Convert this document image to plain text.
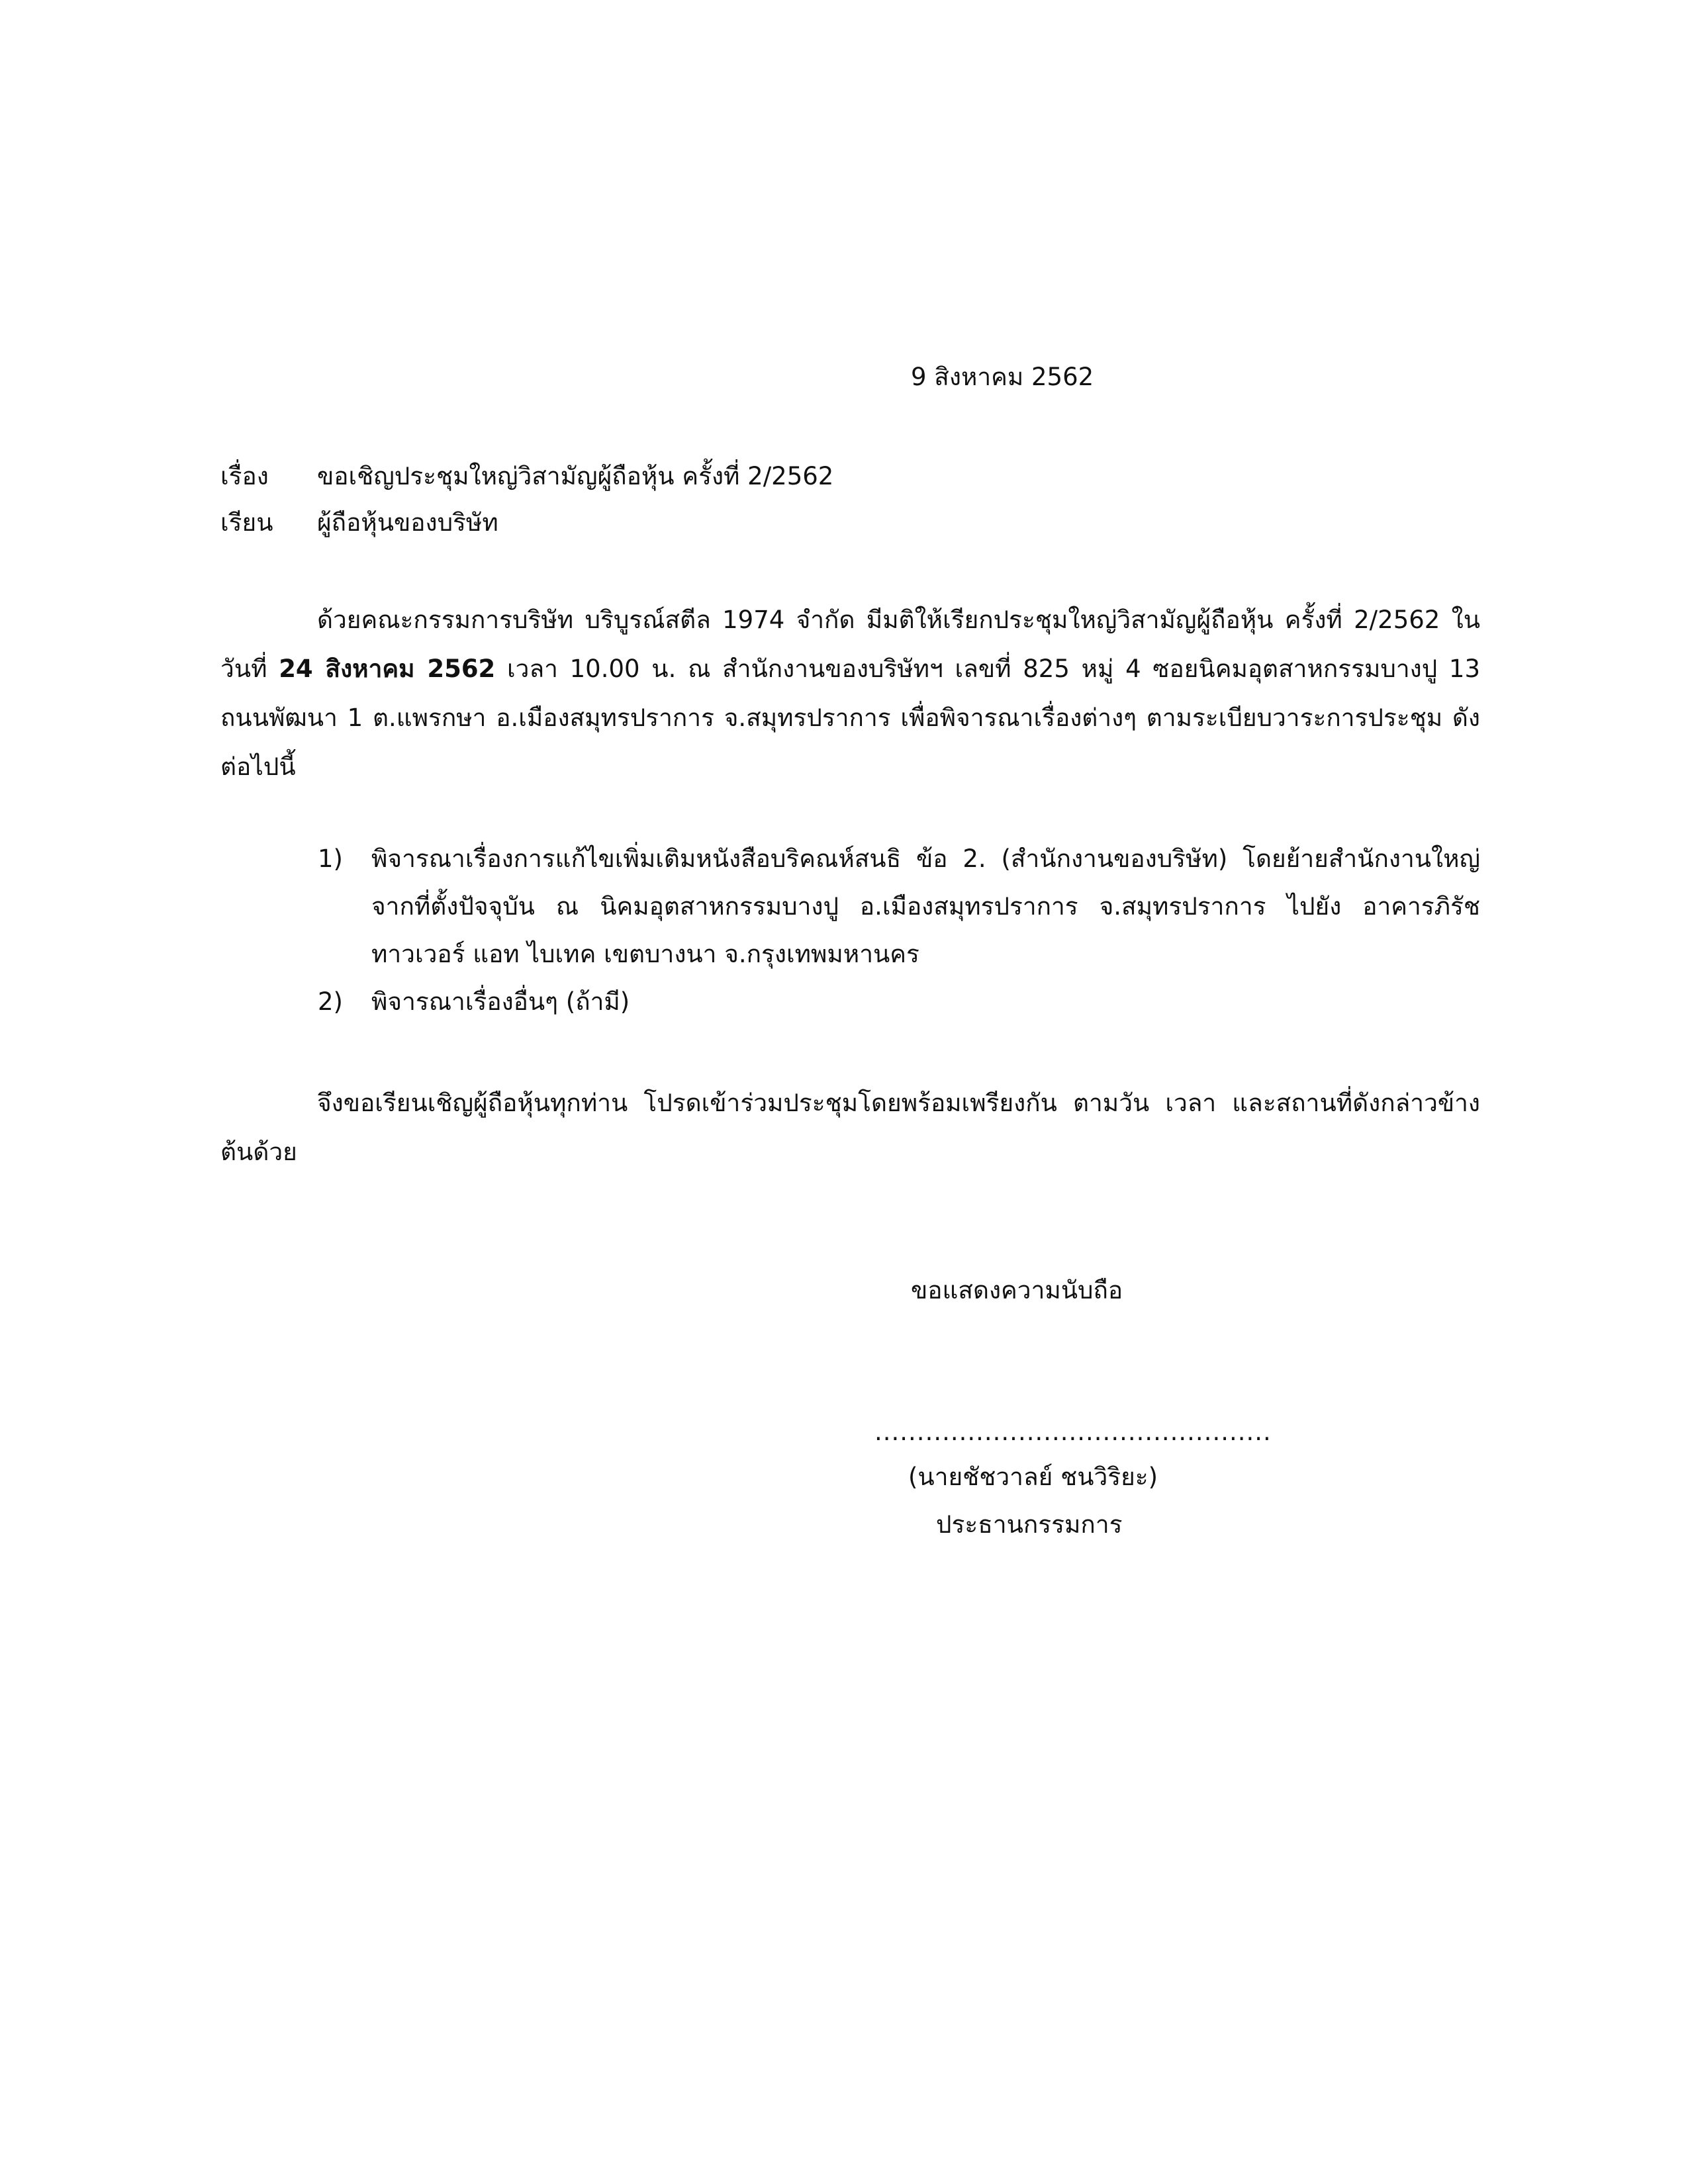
9 สิงหาคม 2562
เรื่อง ขอเชิญประชุมใหญ่วิสามัญผู้ถือหุ้น ครั้งที่ 2/2562
เรียน ผู้ถือหุ้นของบริษัท

ด้วยคณะกรรมการบริษัท บริบูรณ์สตีล 1974 จำกัด มีมติให้เรียกประชุมใหญ่วิสามัญผู้ถือหุ้น ครั้งที่ 2/2562 ในวันที่ 24 สิงหาคม 2562 เวลา 10.00 น. ณ สำนักงานของบริษัทฯ เลขที่ 825 หมู่ 4 ซอยนิคมอุตสาหกรรมบางปู 13 ถนนพัฒนา 1 ต.แพรกษา อ.เมืองสมุทรปราการ จ.สมุทรปราการ เพื่อพิจารณาเรื่องต่างๆ ตามระเบียบวาระการประชุม ดังต่อไปนี้

1) พิจารณาเรื่องการแก้ไขเพิ่มเติมหนังสือบริคณห์สนธิ ข้อ 2. (สำนักงานของบริษัท) โดยย้ายสำนักงานใหญ่จากที่ตั้งปัจจุบัน ณ นิคมอุตสาหกรรมบางปู อ.เมืองสมุทรปราการ จ.สมุทรปราการ ไปยัง อาคารภิรัชทาวเวอร์ แอท ไบเทค เขตบางนา จ.กรุงเทพมหานคร
2) พิจารณาเรื่องอื่นๆ (ถ้ามี)

จึงขอเรียนเชิญผู้ถือหุ้นทุกท่าน โปรดเข้าร่วมประชุมโดยพร้อมเพรียงกัน ตามวัน เวลา และสถานที่ดังกล่าวข้างต้นด้วย

ขอแสดงความนับถือ
...............................................
(นายชัชวาลย์ ชนวิริยะ)
ประธานกรรมการ
